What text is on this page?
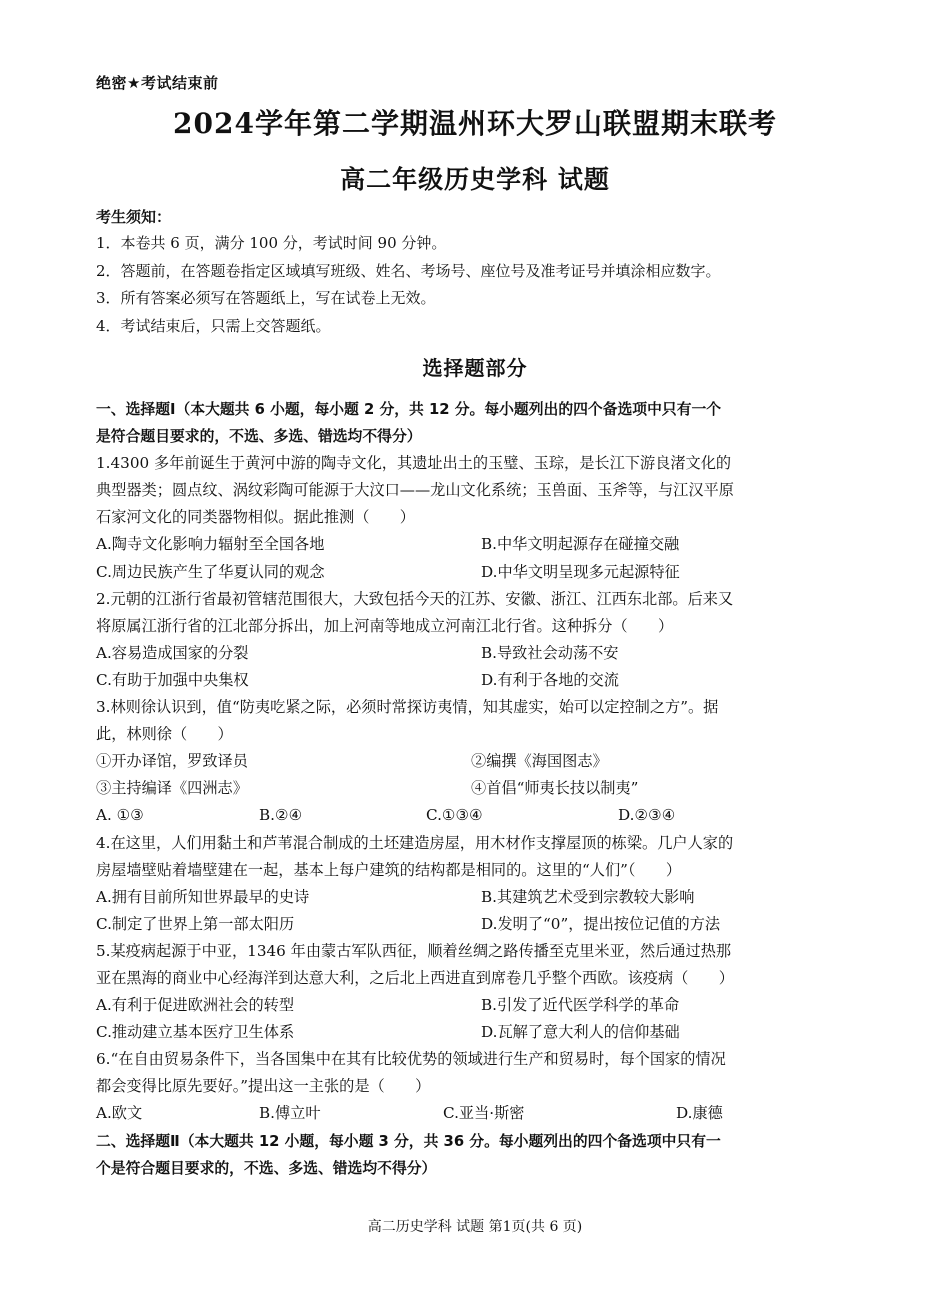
绝密★考试结束前
2024学年第二学期温州环大罗山联盟期末联考
高二年级历史学科 试题
考生须知：
1．本卷共 6 页，满分 100 分，考试时间 90 分钟。
2．答题前，在答题卷指定区域填写班级、姓名、考场号、座位号及准考证号并填涂相应数字。
3．所有答案必须写在答题纸上，写在试卷上无效。
4．考试结束后，只需上交答题纸。
选择题部分
一、选择题Ⅰ（本大题共 6 小题，每小题 2 分，共 12 分。每小题列出的四个备选项中只有一个
是符合题目要求的，不选、多选、错选均不得分）
1.4300 多年前诞生于黄河中游的陶寺文化，其遗址出土的玉璧、玉琮，是长江下游良渚文化的
典型器类；圆点纹、涡纹彩陶可能源于大汶口——龙山文化系统；玉兽面、玉斧等，与江汉平原
石家河文化的同类器物相似。据此推测（　　）
A.陶寺文化影响力辐射至全国各地	B.中华文明起源存在碰撞交融
C.周边民族产生了华夏认同的观念	D.中华文明呈现多元起源特征
2.元朝的江浙行省最初管辖范围很大，大致包括今天的江苏、安徽、浙江、江西东北部。后来又
将原属江浙行省的江北部分拆出，加上河南等地成立河南江北行省。这种拆分（　　）
A.容易造成国家的分裂	B.导致社会动荡不安
C.有助于加强中央集权	D.有利于各地的交流
3.林则徐认识到，值“防夷吃紧之际，必须时常探访夷情，知其虚实，始可以定控制之方”。据
此，林则徐（　　）
①开办译馆，罗致译员	②编撰《海国图志》
③主持编译《四洲志》	④首倡“师夷长技以制夷”
A. ①③	B.②④	C.①③④	D.②③④
4.在这里，人们用黏土和芦苇混合制成的土坯建造房屋，用木材作支撑屋顶的栋梁。几户人家的
房屋墙壁贴着墙壁建在一起，基本上每户建筑的结构都是相同的。这里的“人们”（　　）
A.拥有目前所知世界最早的史诗	B.其建筑艺术受到宗教较大影响
C.制定了世界上第一部太阳历	D.发明了“0”，提出按位记值的方法
5.某疫病起源于中亚，1346 年由蒙古军队西征，顺着丝绸之路传播至克里米亚，然后通过热那
亚在黑海的商业中心经海洋到达意大利，之后北上西进直到席卷几乎整个西欧。该疫病（　　）
A.有利于促进欧洲社会的转型	B.引发了近代医学科学的革命
C.推动建立基本医疗卫生体系	D.瓦解了意大利人的信仰基础
6.“在自由贸易条件下，当各国集中在其有比较优势的领域进行生产和贸易时，每个国家的情况
都会变得比原先要好。”提出这一主张的是（　　）
A.欧文	B.傅立叶	C.亚当·斯密	D.康德
二、选择题Ⅱ（本大题共 12 小题，每小题 3 分，共 36 分。每小题列出的四个备选项中只有一
个是符合题目要求的，不选、多选、错选均不得分）
高二历史学科 试题 第1页(共 6 页)
